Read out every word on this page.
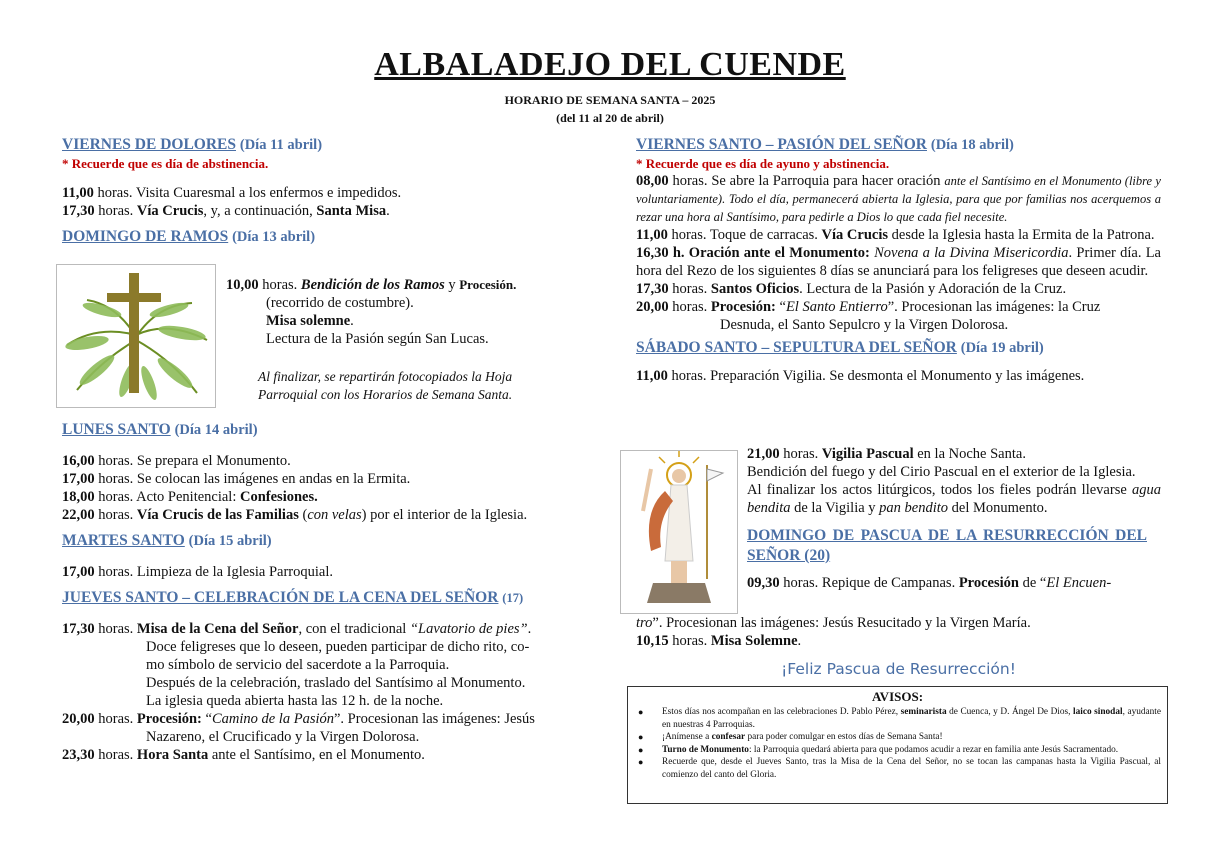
ALBALADEJO DEL CUENDE
HORARIO DE SEMANA SANTA – 2025
(del 11 al 20 de abril)

VIERNES DE DOLORES (Día 11 abril)

* Recuerde que es día de abstinencia.

11,00 horas. Visita Cuaresmal a los enfermos e impedidos.

17,30 horas. Vía Crucis, y, a continuación, Santa Misa.

DOMINGO DE RAMOS (Día 13 abril)

10,00 horas. Bendición de los Ramos y Procesión.

(recorrido de costumbre).

Misa solemne.

Lectura de la Pasión según San Lucas.

Al finalizar, se repartirán fotocopiados la Hoja Parroquial con los Horarios de Semana Santa.

LUNES SANTO (Día 14 abril)

16,00 horas. Se prepara el Monumento.

17,00 horas. Se colocan las imágenes en andas en la Ermita.

18,00 horas. Acto Penitencial: Confesiones.

22,00 horas. Vía Crucis de las Familias (con velas) por el interior de la Iglesia.

MARTES SANTO (Día 15 abril)

17,00 horas. Limpieza de la Iglesia Parroquial.

JUEVES SANTO – CELEBRACIÓN DE LA CENA DEL SEÑOR (17)

17,30 horas. Misa de la Cena del Señor, con el tradicional “Lavatorio de pies”.

Doce feligreses que lo deseen, pueden participar de dicho rito, co-

mo símbolo de servicio del sacerdote a la Parroquia.

Después de la celebración, traslado del Santísimo al Monumento.

La iglesia queda abierta hasta las 12 h. de la noche.

20,00 horas. Procesión: “Camino de la Pasión”. Procesionan las imágenes: Jesús

Nazareno, el Crucificado y la Virgen Dolorosa.

23,30 horas. Hora Santa ante el Santísimo, en el Monumento.

VIERNES SANTO – PASIÓN DEL SEÑOR (Día 18 abril)

* Recuerde que es día de ayuno y abstinencia.

08,00 horas. Se abre la Parroquia para hacer oración ante el Santísimo en el Monumento (libre y voluntariamente). Todo el día, permanecerá abierta la Iglesia, para que por familias nos acerquemos a rezar una hora al Santísimo, para pedirle a Dios lo que cada fiel necesite.

11,00 horas. Toque de carracas. Vía Crucis desde la Iglesia hasta la Ermita de la Patrona.

16,30 h. Oración ante el Monumento: Novena a la Divina Misericordia. Primer día. La hora del Rezo de los siguientes 8 días se anunciará para los feligreses que deseen acudir.

17,30 horas. Santos Oficios. Lectura de la Pasión y Adoración de la Cruz.

20,00 horas. Procesión: “El Santo Entierro”. Procesionan las imágenes: la Cruz

Desnuda, el Santo Sepulcro y la Virgen Dolorosa.

SÁBADO SANTO – SEPULTURA DEL SEÑOR (Día 19 abril)

11,00 horas. Preparación Vigilia. Se desmonta el Monumento y las imágenes.

21,00 horas. Vigilia Pascual en la Noche Santa.

Bendición del fuego y del Cirio Pascual en el exterior de la Iglesia.

Al finalizar los actos litúrgicos, todos los fieles podrán llevarse agua bendita de la Vigilia y pan bendito del Monumento.

DOMINGO DE PASCUA DE LA RESURRECCIÓN DEL SEÑOR (20)

09,30 horas. Repique de Campanas. Procesión de “El Encuen-

tro”. Procesionan las imágenes: Jesús Resucitado y la Virgen María.

10,15 horas. Misa Solemne.

¡Feliz Pascua de Resurrección!
AVISOS:
● Estos días nos acompañan en las celebraciones D. Pablo Pérez, seminarista de Cuenca, y D. Ángel De Dios, laico sinodal, ayudante en nuestras 4 Parroquias.
● ¡Anímense a confesar para poder comulgar en estos días de Semana Santa!
● Turno de Monumento: la Parroquia quedará abierta para que podamos acudir a rezar en familia ante Jesús Sacramentado.
● Recuerde que, desde el Jueves Santo, tras la Misa de la Cena del Señor, no se tocan las campanas hasta la Vigilia Pascual, al comienzo del canto del Gloria.
